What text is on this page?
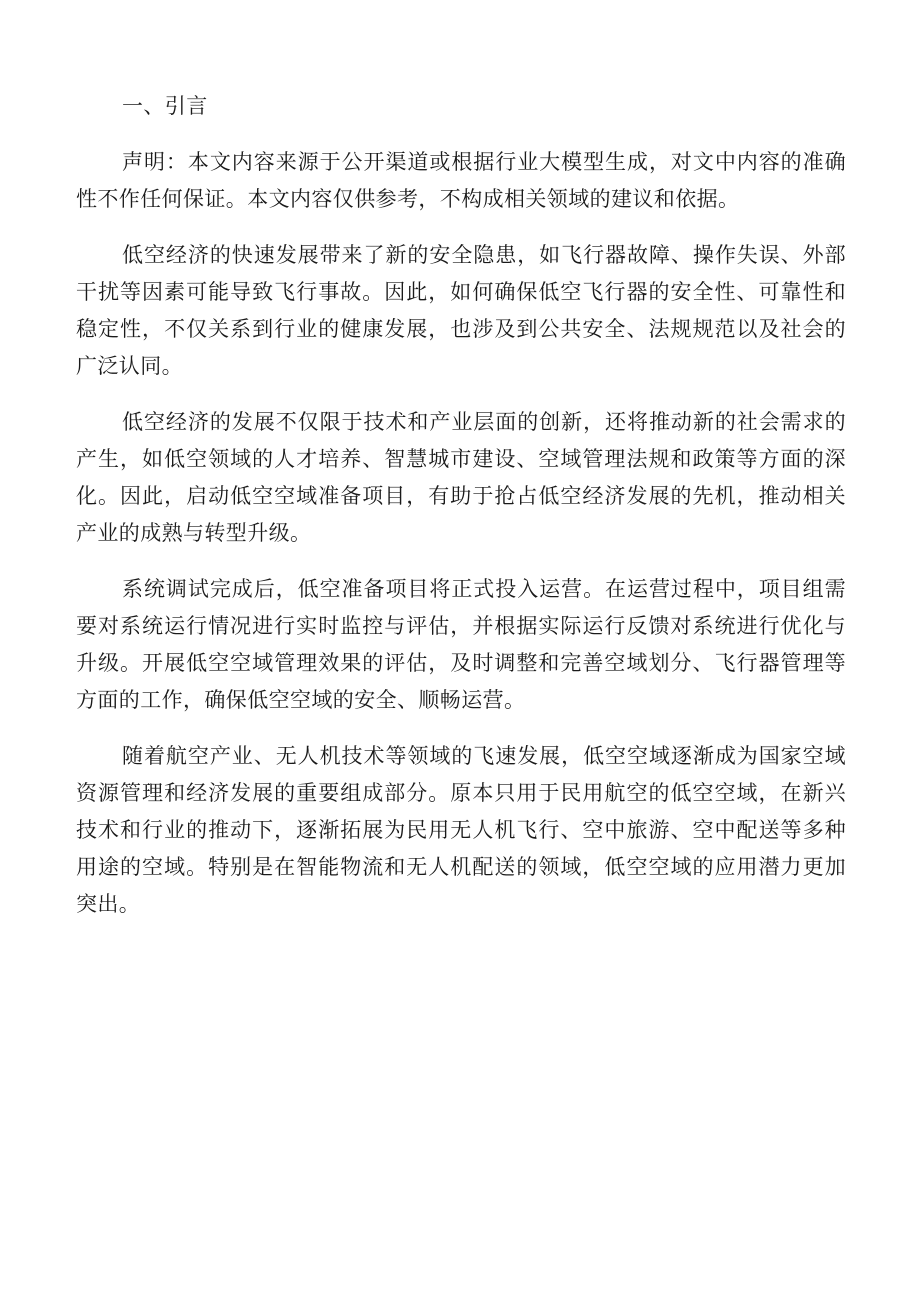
一、引言

声明：本文内容来源于公开渠道或根据行业大模型生成，对文中内容的准确性不作任何保证。本文内容仅供参考，不构成相关领域的建议和依据。

低空经济的快速发展带来了新的安全隐患，如飞行器故障、操作失误、外部干扰等因素可能导致飞行事故。因此，如何确保低空飞行器的安全性、可靠性和稳定性，不仅关系到行业的健康发展，也涉及到公共安全、法规规范以及社会的广泛认同。

低空经济的发展不仅限于技术和产业层面的创新，还将推动新的社会需求的产生，如低空领域的人才培养、智慧城市建设、空域管理法规和政策等方面的深化。因此，启动低空空域准备项目，有助于抢占低空经济发展的先机，推动相关产业的成熟与转型升级。

系统调试完成后，低空准备项目将正式投入运营。在运营过程中，项目组需要对系统运行情况进行实时监控与评估，并根据实际运行反馈对系统进行优化与升级。开展低空空域管理效果的评估，及时调整和完善空域划分、飞行器管理等方面的工作，确保低空空域的安全、顺畅运营。

随着航空产业、无人机技术等领域的飞速发展，低空空域逐渐成为国家空域资源管理和经济发展的重要组成部分。原本只用于民用航空的低空空域，在新兴技术和行业的推动下，逐渐拓展为民用无人机飞行、空中旅游、空中配送等多种用途的空域。特别是在智能物流和无人机配送的领域，低空空域的应用潜力更加突出。
